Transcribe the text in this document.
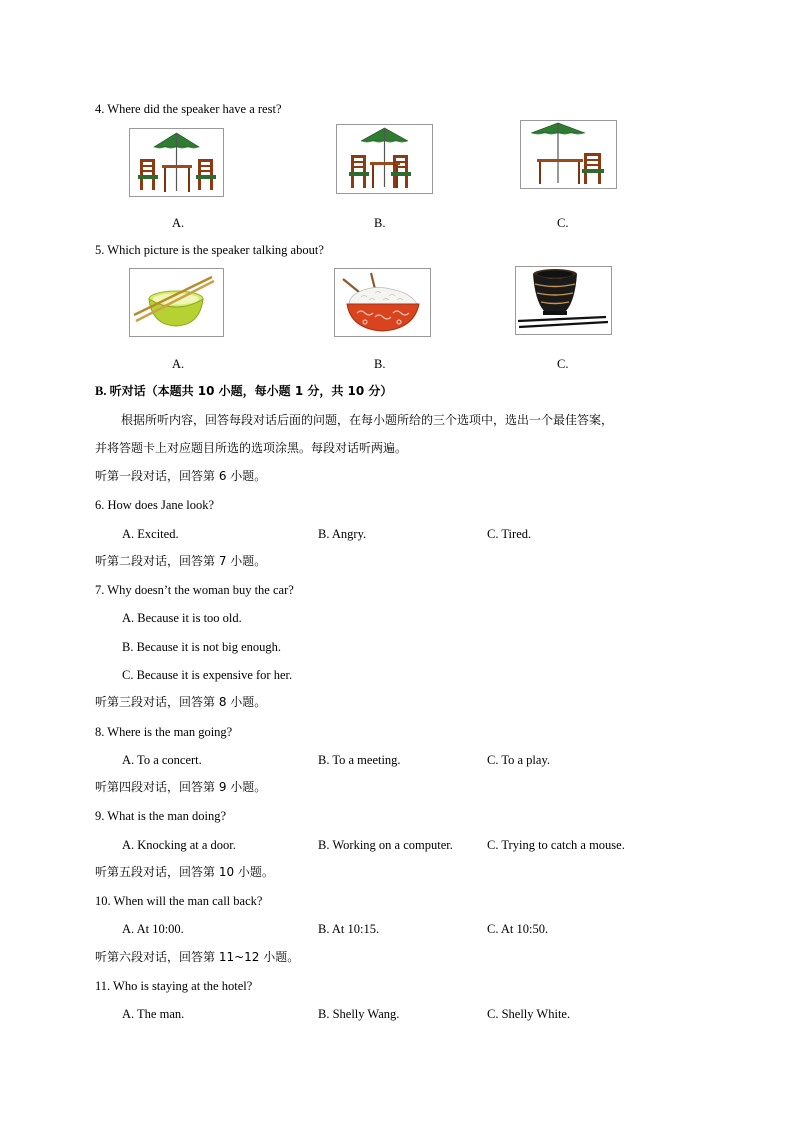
4. Where did the speaker have a rest?
A.	B.	C.
5. Which picture is the speaker talking about?
A.	B.	C.
B. 听对话（本题共 10 小题，每小题 1 分，共 10 分）
根据所听内容，回答每段对话后面的问题，在每小题所给的三个选项中，选出一个最佳答案，
并将答题卡上对应题目所选的选项涂黑。每段对话听两遍。
听第一段对话，回答第 6 小题。
6. How does Jane look?
A. Excited.	B. Angry.	C. Tired.
听第二段对话，回答第 7 小题。
7. Why doesn’t the woman buy the car?
A. Because it is too old.
B. Because it is not big enough.
C. Because it is expensive for her.
听第三段对话，回答第 8 小题。
8. Where is the man going?
A. To a concert.	B. To a meeting.	C. To a play.
听第四段对话，回答第 9 小题。
9. What is the man doing?
A. Knocking at a door.	B. Working on a computer.	C. Trying to catch a mouse.
听第五段对话，回答第 10 小题。
10. When will the man call back?
A. At 10:00.	B. At 10:15.	C. At 10:50.
听第六段对话，回答第 11~12 小题。
11. Who is staying at the hotel?
A. The man.	B. Shelly Wang.	C. Shelly White.
